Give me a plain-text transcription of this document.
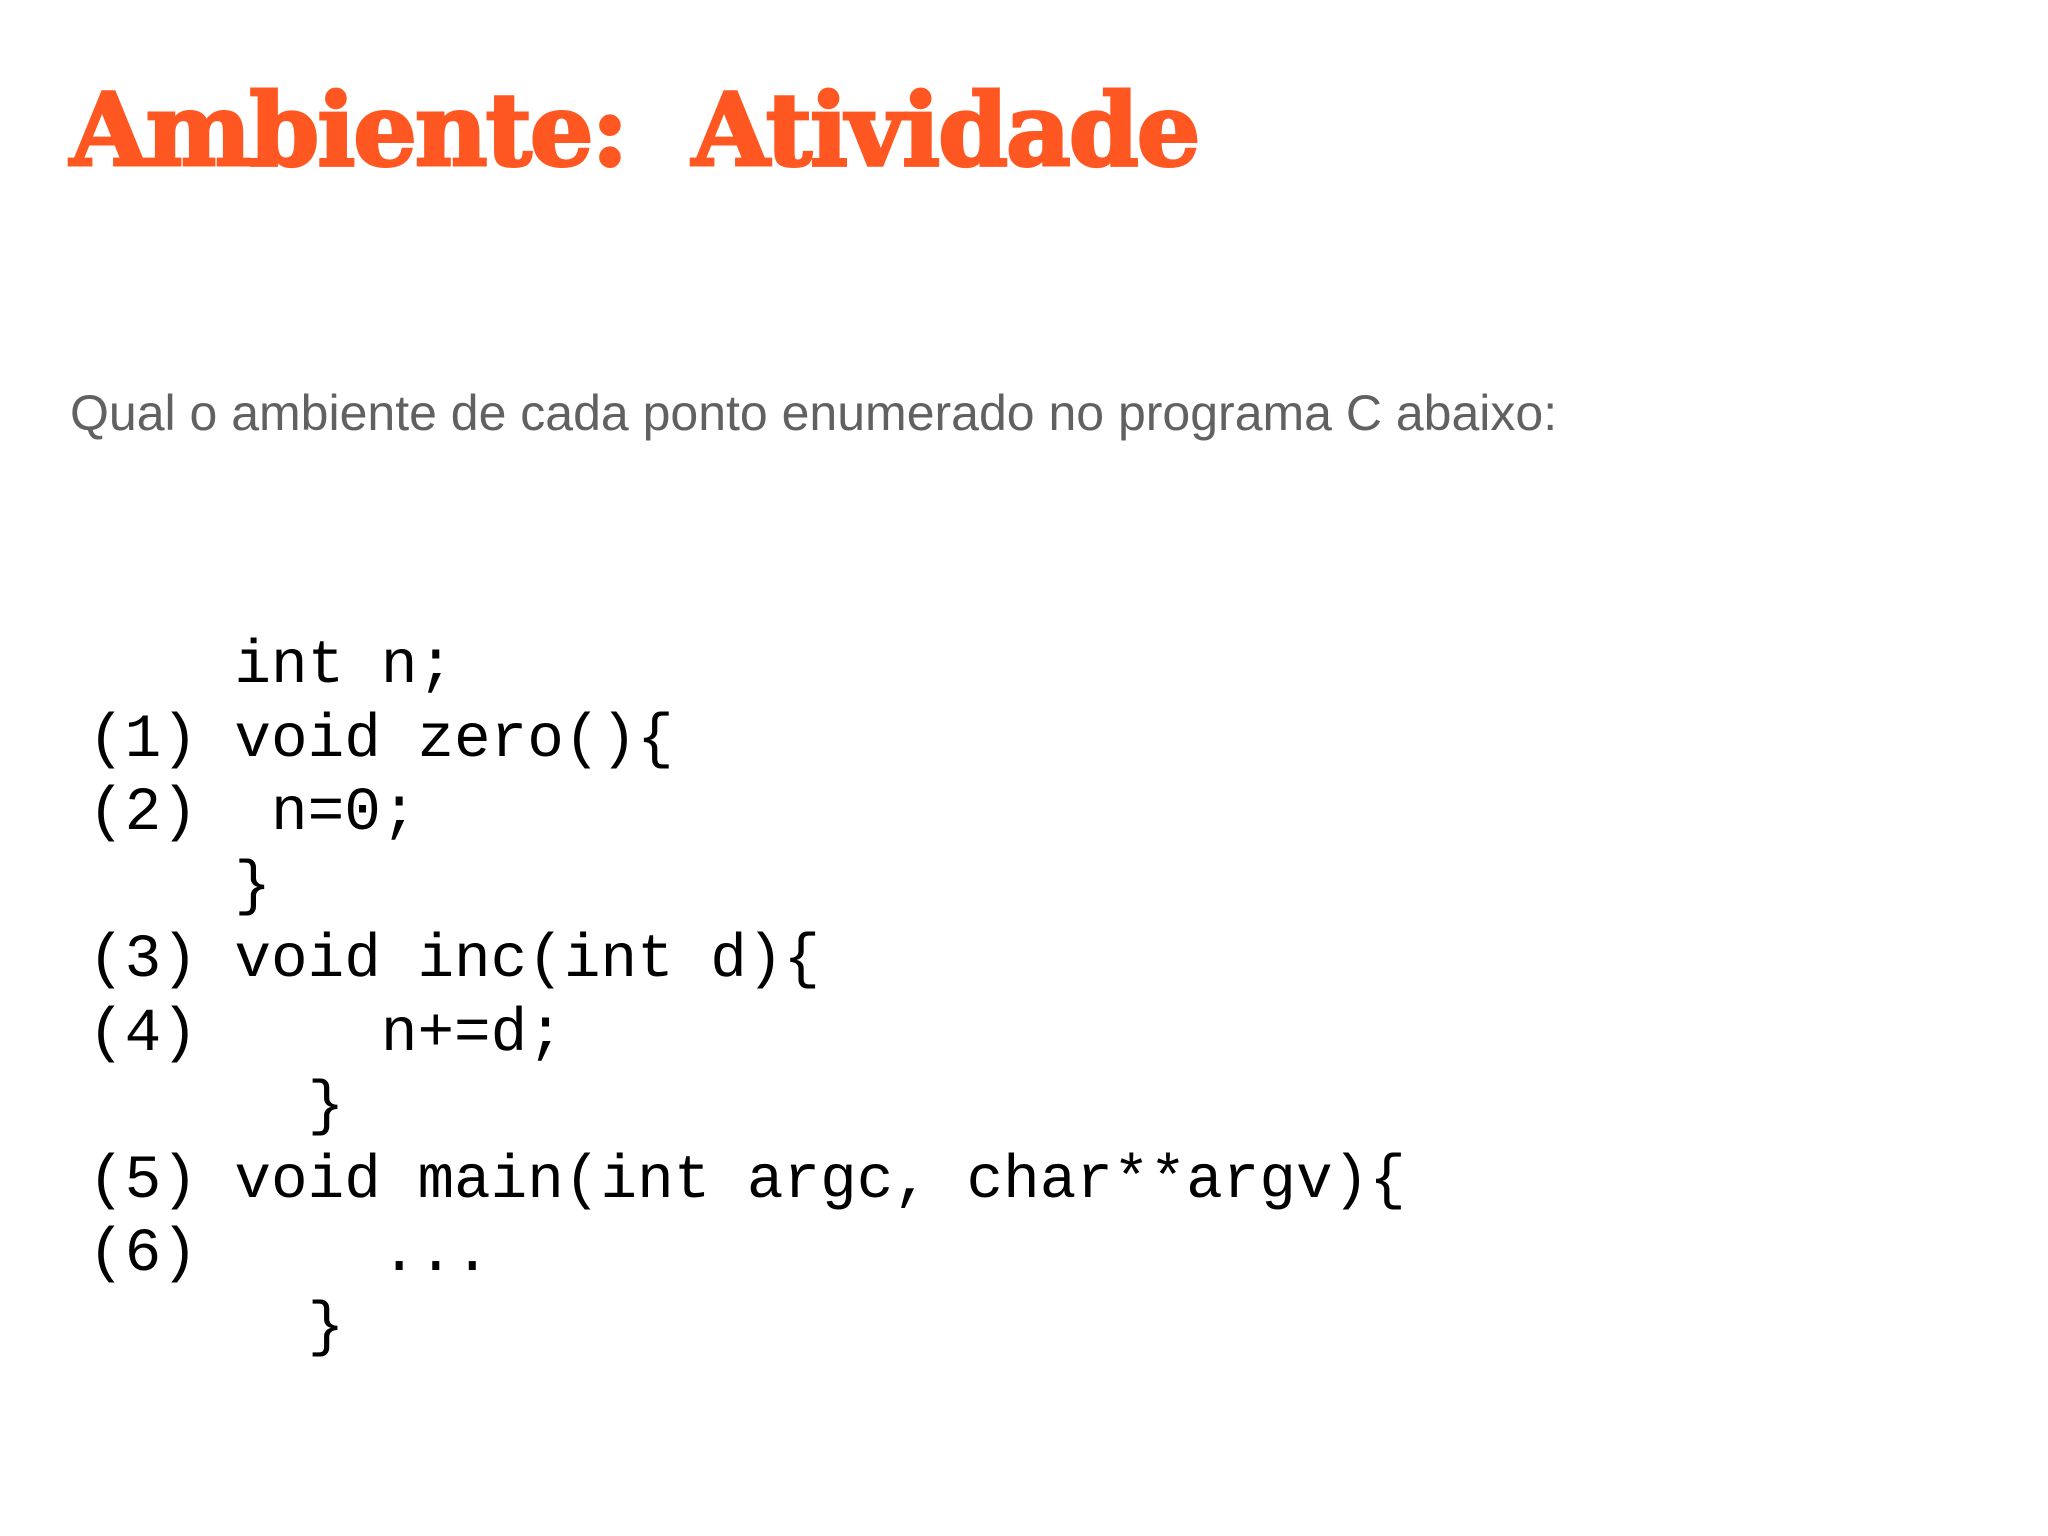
Ambiente:  Atividade

Qual o ambiente de cada ponto enumerado no programa C abaixo:

int n;
(1) void zero(){
(2)  n=0;
}
(3) void inc(int d){
(4)     n+=d;
}
(5) void main(int argc, char**argv){
(6)     ...
}
